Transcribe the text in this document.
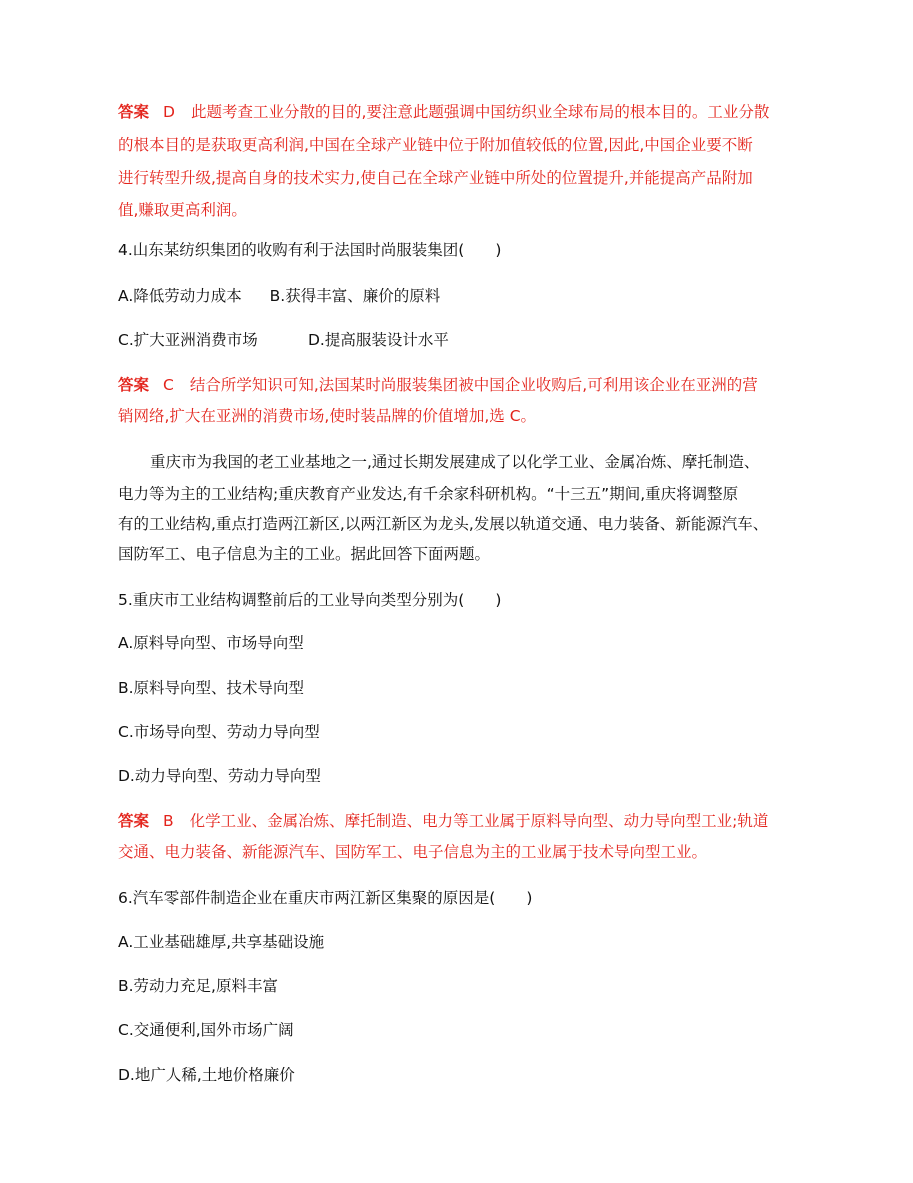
答案 D 此题考查工业分散的目的,要注意此题强调中国纺织业全球布局的根本目的。工业分散
的根本目的是获取更高利润,中国在全球产业链中位于附加值较低的位置,因此,中国企业要不断
进行转型升级,提高自身的技术实力,使自己在全球产业链中所处的位置提升,并能提高产品附加
值,赚取更高利润。
4.山东某纺织集团的收购有利于法国时尚服装集团(　　)
A.降低劳动力成本 B.获得丰富、廉价的原料
C.扩大亚洲消费市场	D.提高服装设计水平
答案 C 结合所学知识可知,法国某时尚服装集团被中国企业收购后,可利用该企业在亚洲的营
销网络,扩大在亚洲的消费市场,使时装品牌的价值增加,选 C。
重庆市为我国的老工业基地之一,通过长期发展建成了以化学工业、金属冶炼、摩托制造、
电力等为主的工业结构;重庆教育产业发达,有千余家科研机构。“十三五”期间,重庆将调整原
有的工业结构,重点打造两江新区,以两江新区为龙头,发展以轨道交通、电力装备、新能源汽车、
国防军工、电子信息为主的工业。据此回答下面两题。
5.重庆市工业结构调整前后的工业导向类型分别为(　　)
A.原料导向型、市场导向型
B.原料导向型、技术导向型
C.市场导向型、劳动力导向型
D.动力导向型、劳动力导向型
答案 B 化学工业、金属冶炼、摩托制造、电力等工业属于原料导向型、动力导向型工业;轨道
交通、电力装备、新能源汽车、国防军工、电子信息为主的工业属于技术导向型工业。
6.汽车零部件制造企业在重庆市两江新区集聚的原因是(　　)
A.工业基础雄厚,共享基础设施
B.劳动力充足,原料丰富
C.交通便利,国外市场广阔
D.地广人稀,土地价格廉价
